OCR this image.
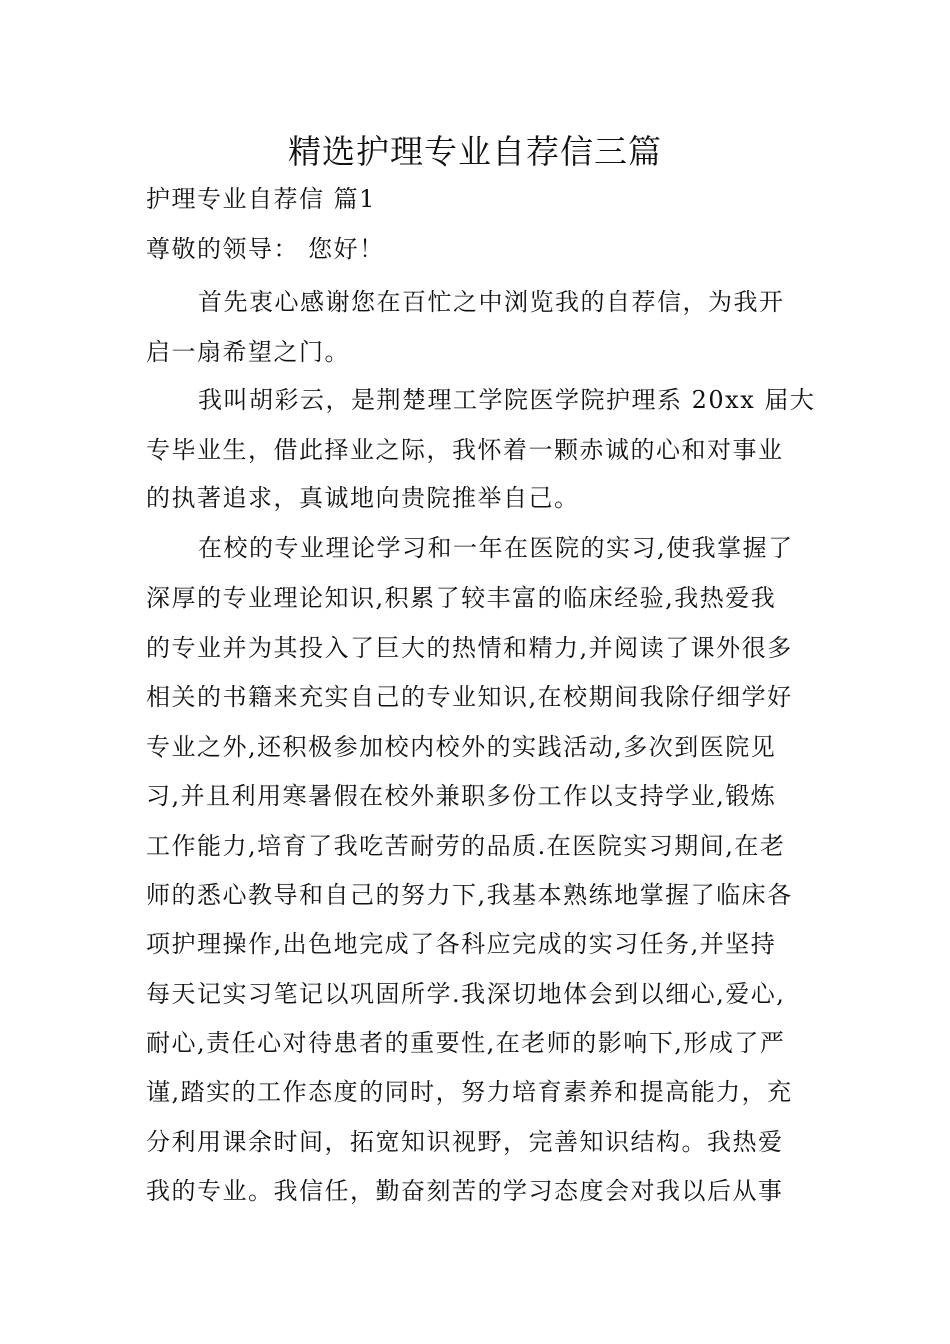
精选护理专业自荐信三篇
护理专业自荐信 篇1
尊敬的领导： 您好！
首先衷心感谢您在百忙之中浏览我的自荐信，为我开
启一扇希望之门。
我叫胡彩云，是荆楚理工学院医学院护理系 20xx 届大
专毕业生，借此择业之际，我怀着一颗赤诚的心和对事业
的执著追求，真诚地向贵院推举自己。
在校的专业理论学习和一年在医院的实习,使我掌握了
深厚的专业理论知识,积累了较丰富的临床经验,我热爱我
的专业并为其投入了巨大的热情和精力,并阅读了课外很多
相关的书籍来充实自己的专业知识,在校期间我除仔细学好
专业之外,还积极参加校内校外的实践活动,多次到医院见
习,并且利用寒暑假在校外兼职多份工作以支持学业,锻炼
工作能力,培育了我吃苦耐劳的品质.在医院实习期间,在老
师的悉心教导和自己的努力下,我基本熟练地掌握了临床各
项护理操作,出色地完成了各科应完成的实习任务,并坚持
每天记实习笔记以巩固所学.我深切地体会到以细心,爱心,
耐心,责任心对待患者的重要性,在老师的影响下,形成了严
谨,踏实的工作态度的同时，努力培育素养和提高能力，充
分利用课余时间，拓宽知识视野，完善知识结构。我热爱
我的专业。我信任，勤奋刻苦的学习态度会对我以后从事
